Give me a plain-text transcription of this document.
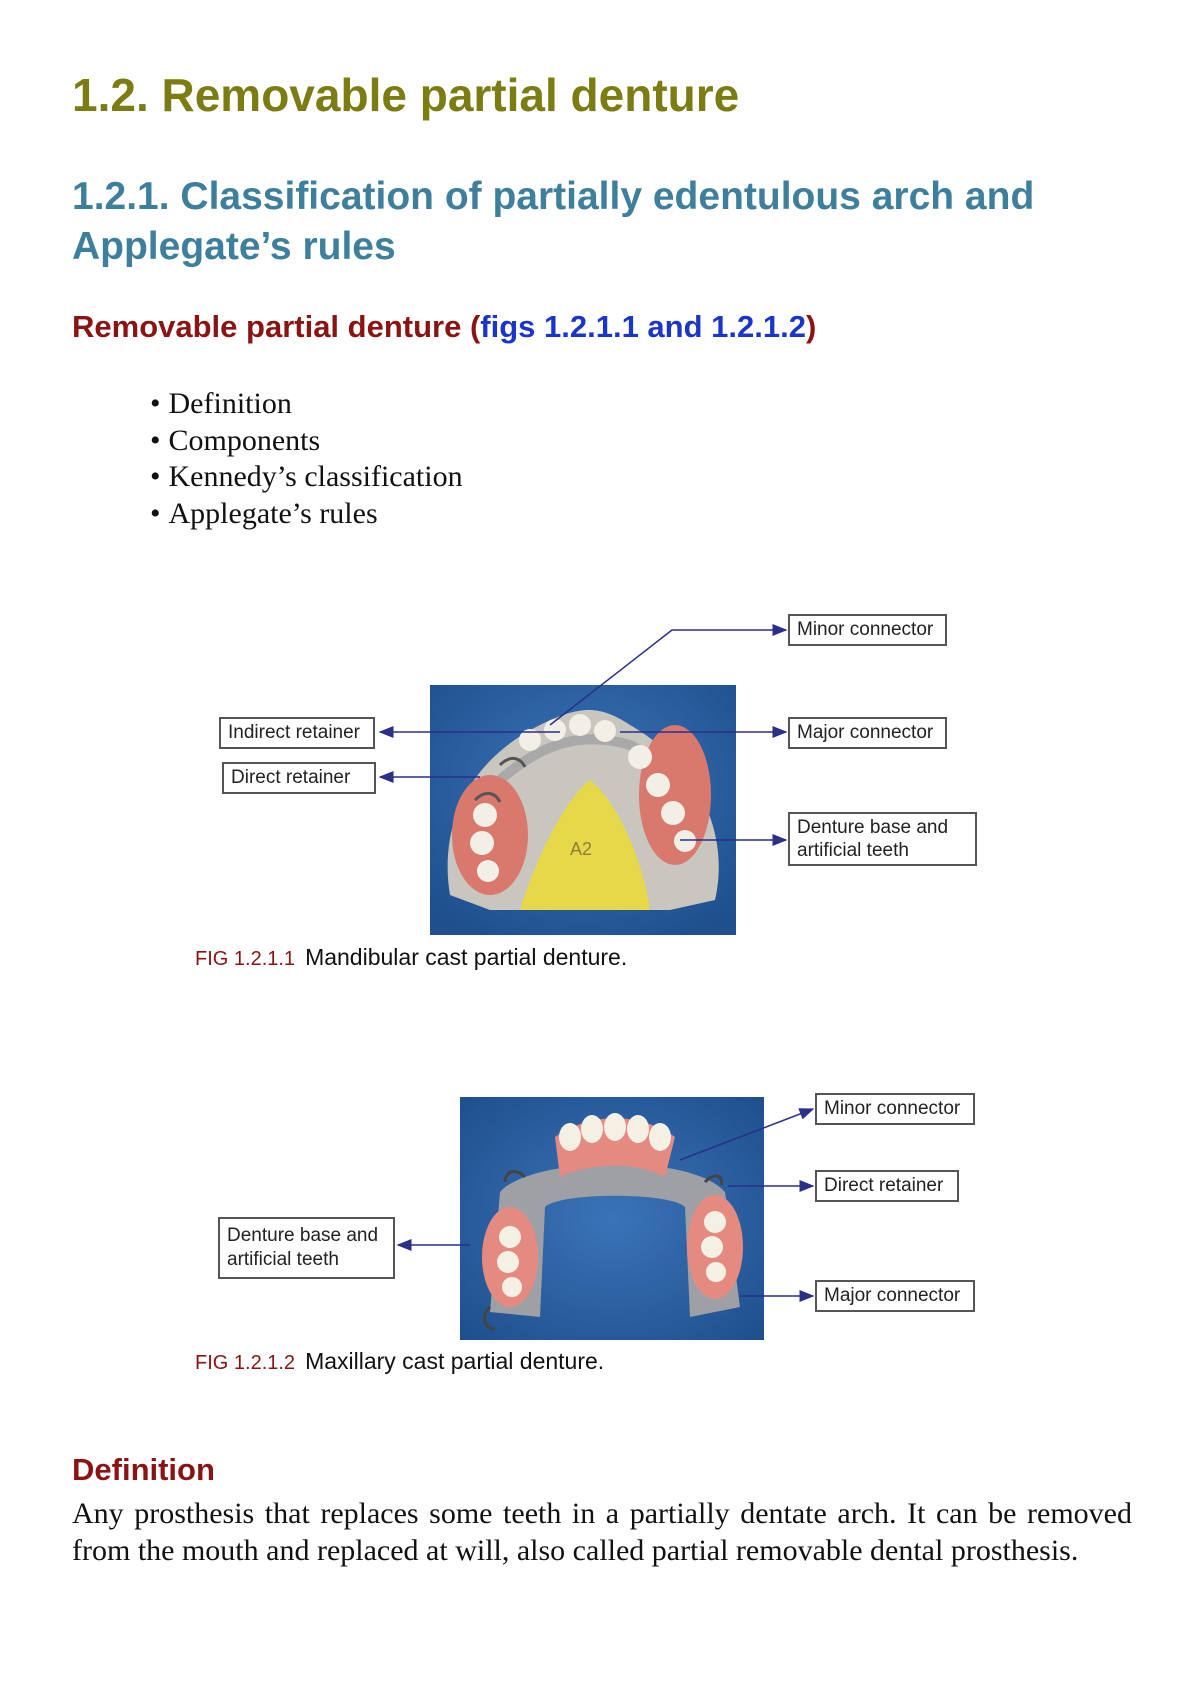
1.2. Removable partial denture
1.2.1. Classification of partially edentulous arch and Applegate’s rules
Removable partial denture (figs 1.2.1.1 and 1.2.1.2)
• Definition
• Components
• Kennedy’s classification
• Applegate’s rules
A2
Minor connector
Indirect retainer	Major connector
Direct retainer
Denture base and
artificial teeth
FIG 1.2.1.1 Mandibular cast partial denture.
Minor connector
Direct retainer
Denture base and
artificial teeth
Major connector
FIG 1.2.1.2 Maxillary cast partial denture.
Definition

Any prosthesis that replaces some teeth in a partially dentate arch. It can be removed from the mouth and replaced at will, also called partial removable dental prosthesis.
